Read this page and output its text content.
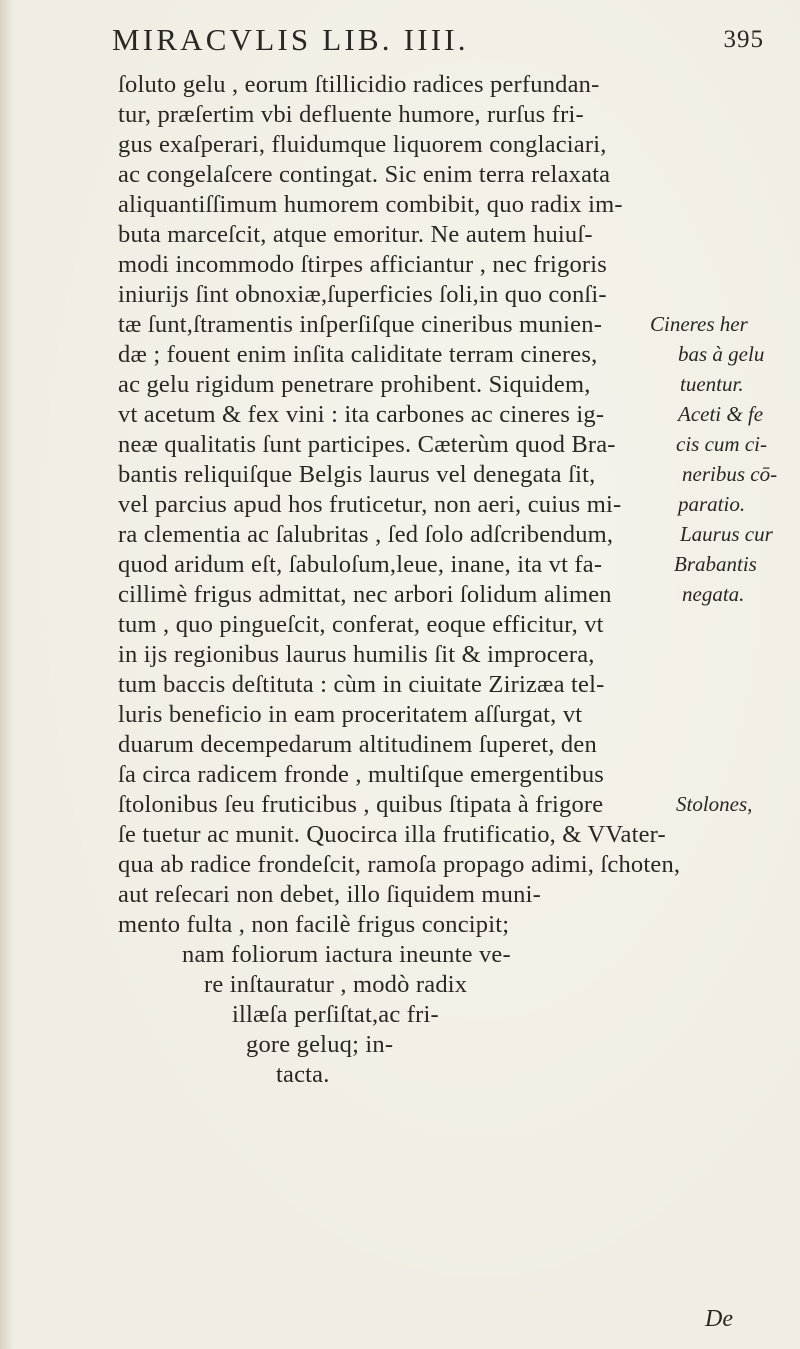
MIRACVLIS LIB. IIII.	395
ſoluto gelu , eorum ſtillicidio radices perfundan-
tur, præſertim vbi defluente humore, rurſus fri-
gus exaſperari, fluidumque liquorem conglaciari,
ac congelaſcere contingat. Sic enim terra relaxata
aliquantiſſimum humorem combibit, quo radix im-
buta marceſcit, atque emoritur. Ne autem huiuſ-
modi incommodo ſtirpes afficiantur , nec frigoris
iniurijs ſint obnoxiæ,ſuperficies ſoli,in quo conſi-
tæ ſunt,ſtramentis inſperſiſque cineribus munien-
dæ ; fouent enim inſita caliditate terram cineres,
ac gelu rigidum penetrare prohibent. Siquidem,
vt acetum & fex vini : ita carbones ac cineres ig-
neæ qualitatis ſunt participes. Cæterùm quod Bra-
bantis reliquiſque Belgis laurus vel denegata ſit,
vel parcius apud hos fruticetur, non aeri, cuius mi-
ra clementia ac ſalubritas , ſed ſolo adſcribendum,
quod aridum eſt, ſabuloſum,leue, inane, ita vt fa-
cillimè frigus admittat, nec arbori ſolidum alimen
tum , quo pingueſcit, conferat, eoque efficitur, vt
in ijs regionibus laurus humilis ſit & improcera,
tum baccis deſtituta : cùm in ciuitate Zirizæa tel-
luris beneficio in eam proceritatem aſſurgat, vt
duarum decempedarum altitudinem ſuperet, den
ſa circa radicem fronde , multiſque emergentibus
ſtolonibus ſeu fruticibus , quibus ſtipata à frigore
ſe tuetur ac munit. Quocirca illa frutificatio, & VVater-
qua ab radice frondeſcit, ramoſa propago adimi, ſchoten,
aut reſecari non debet, illo ſiquidem muni-
mento fulta , non facilè frigus concipit;
nam foliorum iactura ineunte ve-
re inſtauratur , modò radix
illæſa perſiſtat,ac fri-
gore geluq; in-
tacta.
Cineres her
bas à gelu
tuentur.
Aceti & fe
cis cum ci-
neribus cō-
paratio.
Laurus cur
Brabantis
negata.
Stolones,
De
